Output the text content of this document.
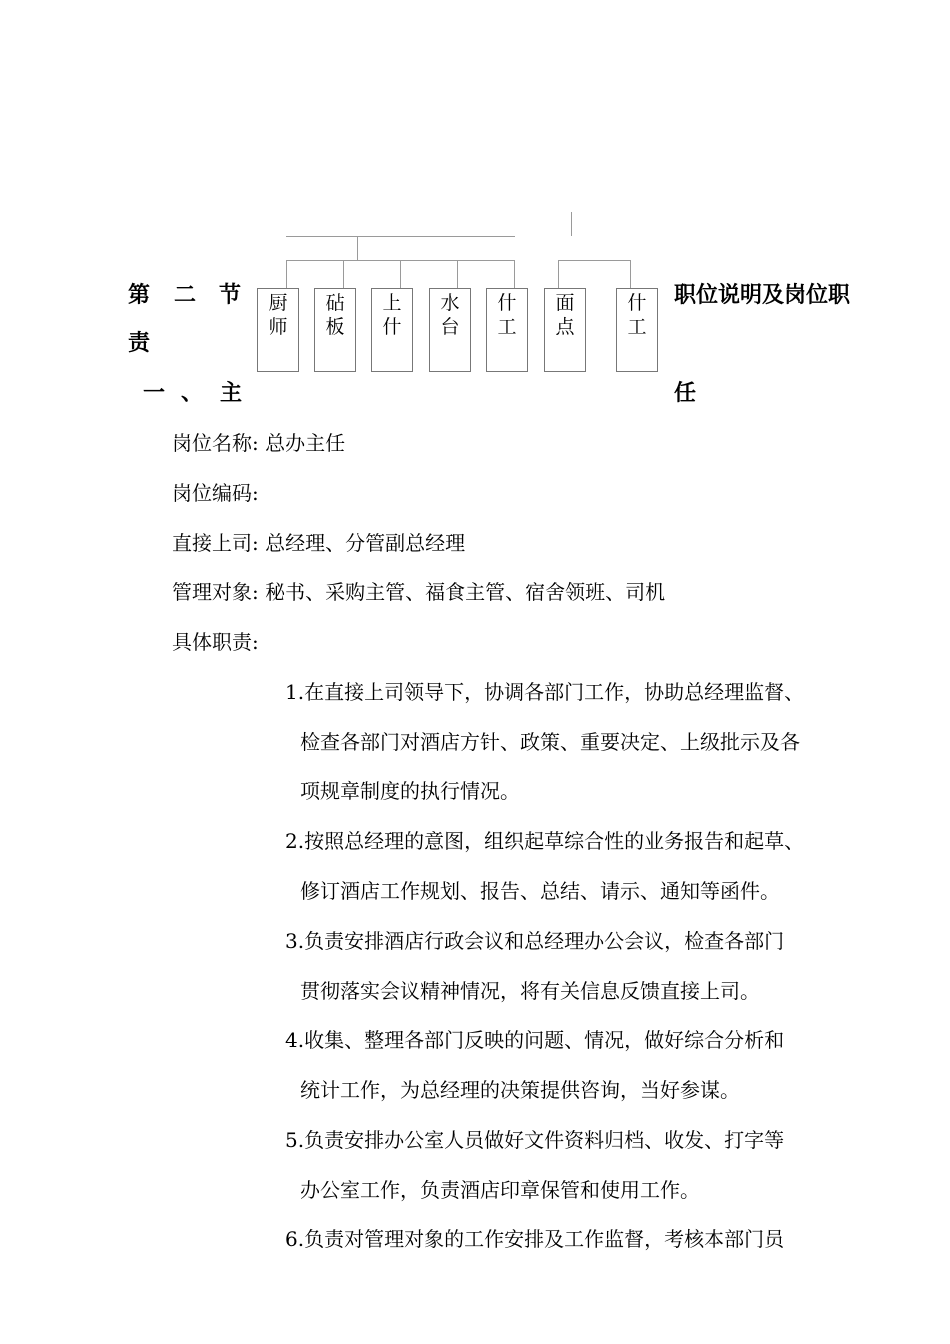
厨
师
砧
板
上
什
水
台
什
工
面
点
什
工
第 二 节	职位说明及岗位职
责
一 、 主	任
岗位名称: 总办主任
岗位编码:
直接上司: 总经理、分管副总经理
管理对象: 秘书、采购主管、福食主管、宿舍领班、司机
具体职责:
1.在直接上司领导下，协调各部门工作，协助总经理监督、
检查各部门对酒店方针、政策、重要决定、上级批示及各
项规章制度的执行情况。
2.按照总经理的意图，组织起草综合性的业务报告和起草、
修订酒店工作规划、报告、总结、请示、通知等函件。
3.负责安排酒店行政会议和总经理办公会议，检查各部门
贯彻落实会议精神情况，将有关信息反馈直接上司。
4.收集、整理各部门反映的问题、情况，做好综合分析和
统计工作，为总经理的决策提供咨询，当好参谋。
5.负责安排办公室人员做好文件资料归档、收发、打字等
办公室工作，负责酒店印章保管和使用工作。
6.负责对管理对象的工作安排及工作监督，考核本部门员
